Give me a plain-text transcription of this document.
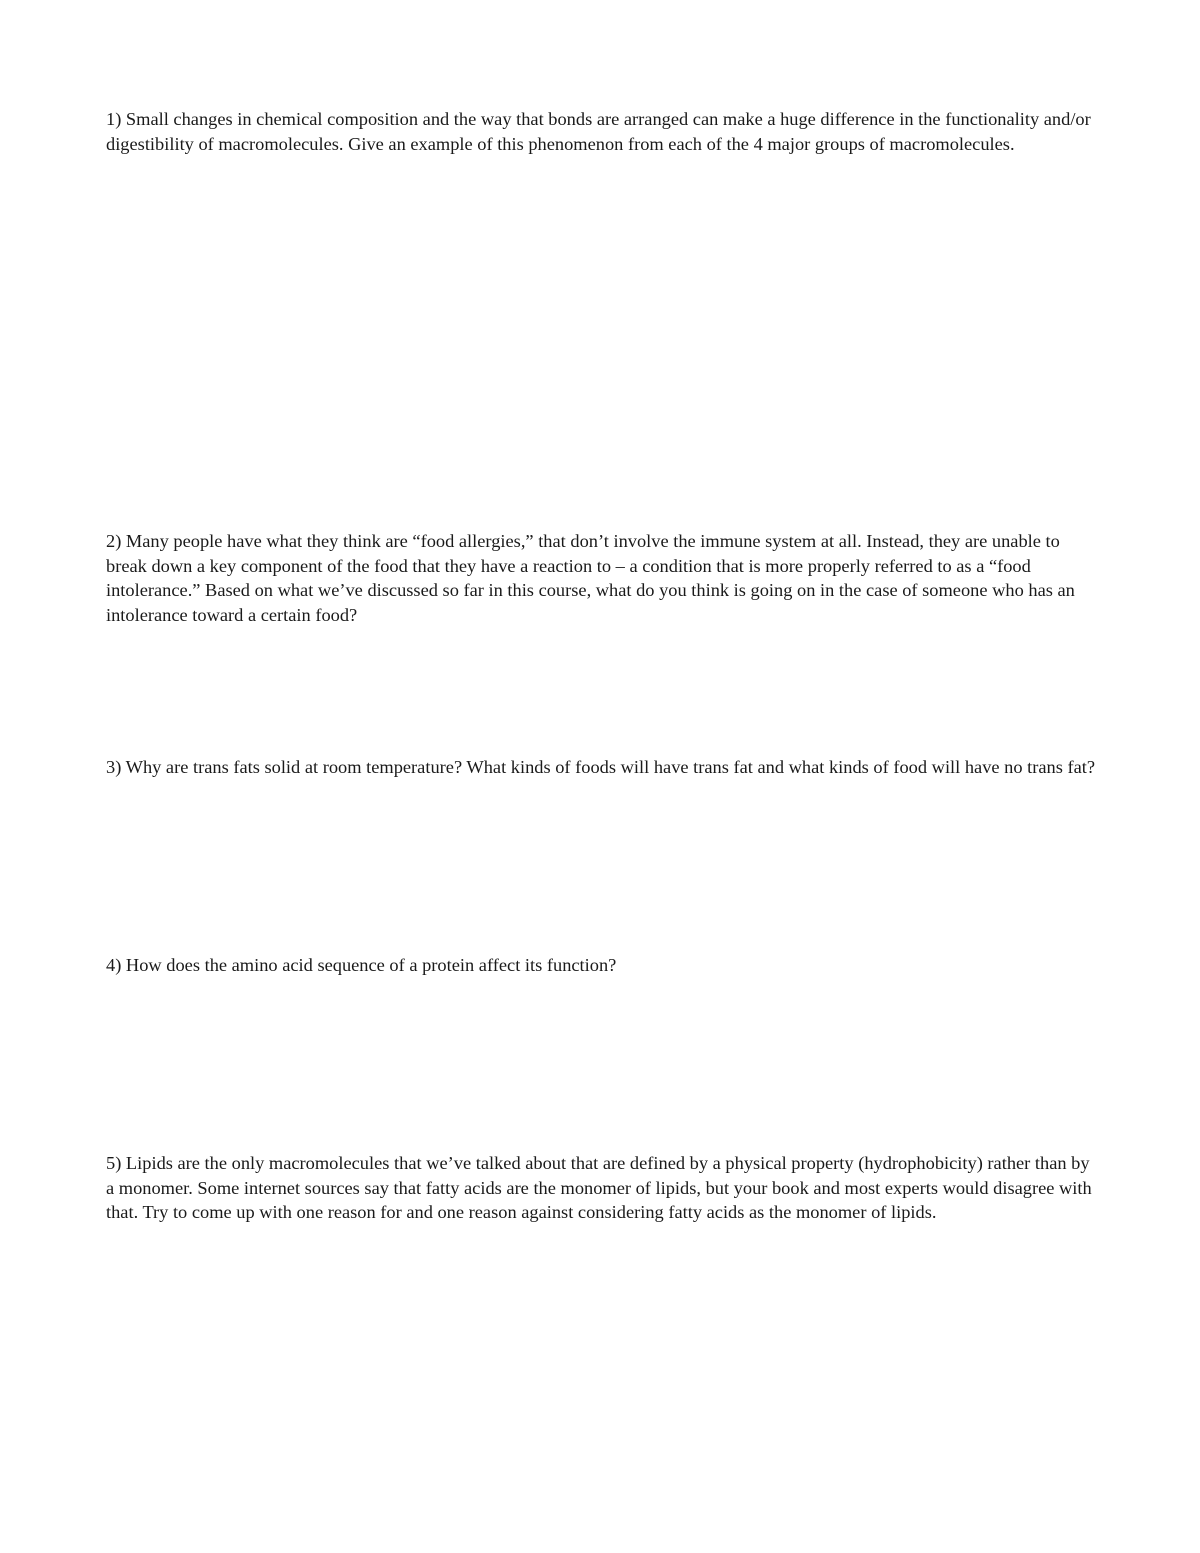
1) Small changes in chemical composition and the way that bonds are arranged can make a huge difference in the functionality and/or digestibility of macromolecules. Give an example of this phenomenon from each of the 4 major groups of macromolecules.

2) Many people have what they think are “food allergies,” that don’t involve the immune system at all. Instead, they are unable to break down a key component of the food that they have a reaction to – a condition that is more properly referred to as a “food intolerance.” Based on what we’ve discussed so far in this course, what do you think is going on in the case of someone who has an intolerance toward a certain food?

3) Why are trans fats solid at room temperature? What kinds of foods will have trans fat and what kinds of food will have no trans fat?

4) How does the amino acid sequence of a protein affect its function?

5) Lipids are the only macromolecules that we’ve talked about that are defined by a physical property (hydrophobicity) rather than by a monomer. Some internet sources say that fatty acids are the monomer of lipids, but your book and most experts would disagree with that. Try to come up with one reason for and one reason against considering fatty acids as the monomer of lipids.
